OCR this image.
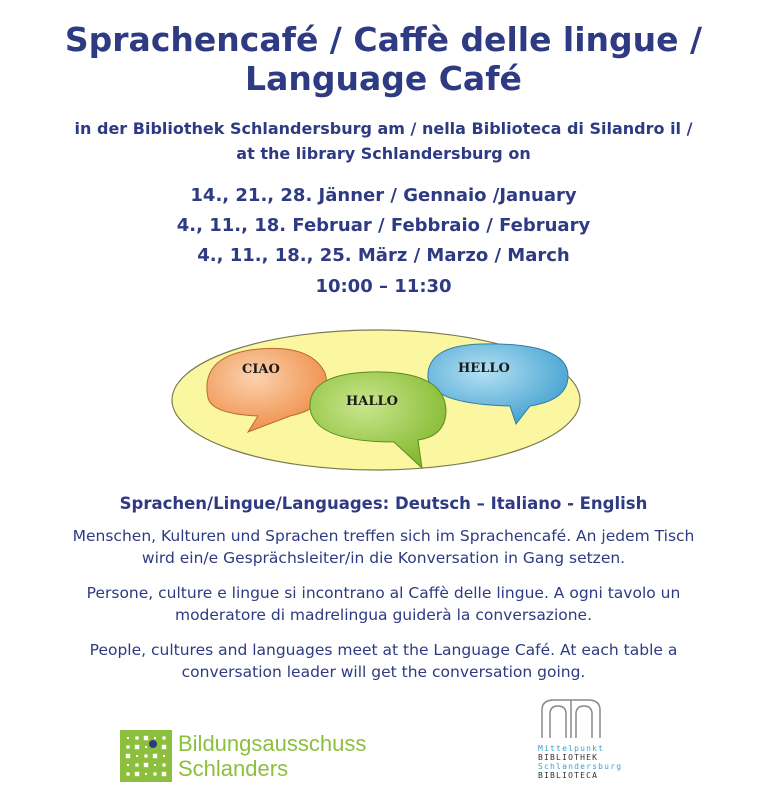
Sprachencafé / Caffè delle lingue /
Language Café
in der Bibliothek Schlandersburg am / nella Biblioteca di Silandro il /
at the library Schlandersburg on
14., 21., 28. Jänner / Gennaio /January
4., 11., 18. Februar / Febbraio / February
4., 11., 18., 25. März / Marzo / March
10:00 – 11:30
CIAO	HELLO
HALLO
Sprachen/Lingue/Languages: Deutsch – Italiano - English
Menschen, Kulturen und Sprachen treffen sich im Sprachencafé. An jedem Tisch
wird ein/e Gesprächsleiter/in die Konversation in Gang setzen.
Persone, culture e lingue si incontrano al Caffè delle lingue. A ogni tavolo un
moderatore di madrelingua guiderà la conversazione.
People, cultures and languages meet at the Language Café. At each table a
conversation leader will get the conversation going.
Bildungsausschuss
Schlanders
Mittelpunkt
BIBLIOTHEK
Schlandersburg
BIBLIOTECA
